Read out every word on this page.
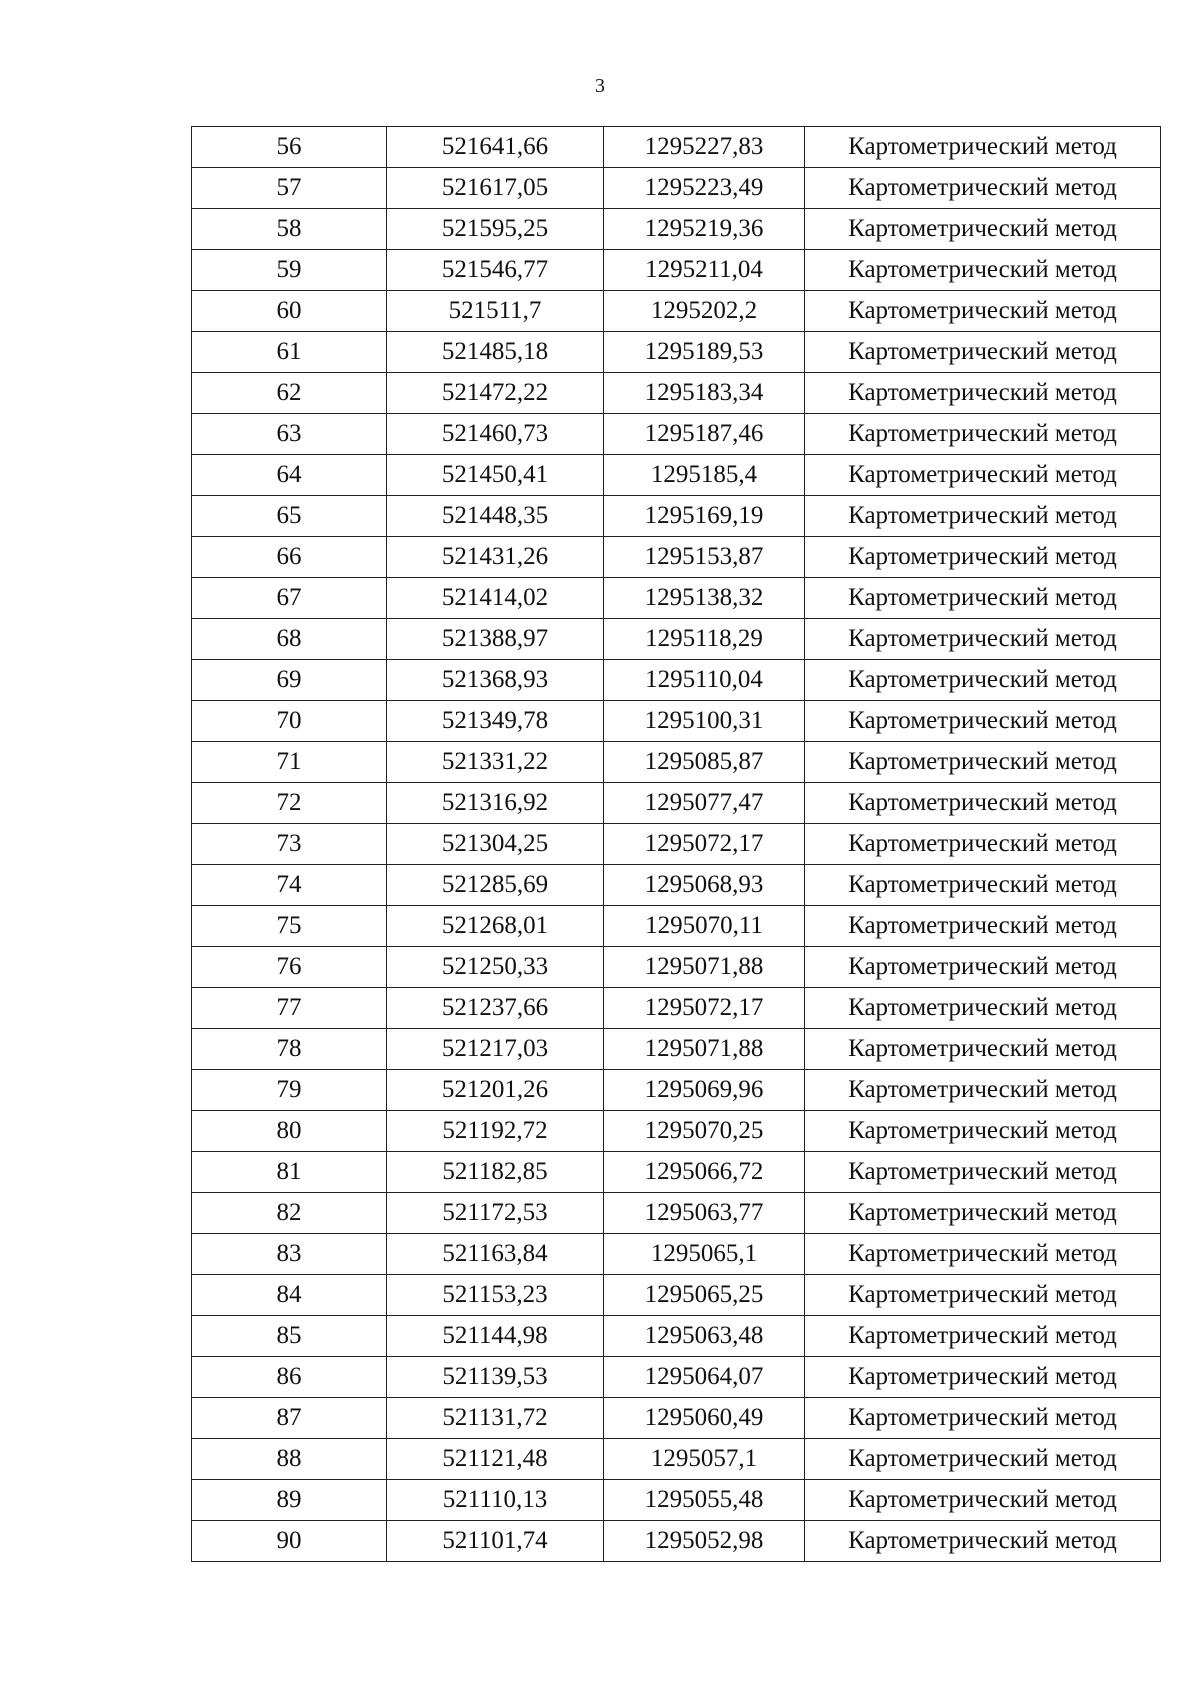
3
56	521641,66	1295227,83	Картометрический метод
57	521617,05	1295223,49	Картометрический метод
58	521595,25	1295219,36	Картометрический метод
59	521546,77	1295211,04	Картометрический метод
60	521511,7	1295202,2	Картометрический метод
61	521485,18	1295189,53	Картометрический метод
62	521472,22	1295183,34	Картометрический метод
63	521460,73	1295187,46	Картометрический метод
64	521450,41	1295185,4	Картометрический метод
65	521448,35	1295169,19	Картометрический метод
66	521431,26	1295153,87	Картометрический метод
67	521414,02	1295138,32	Картометрический метод
68	521388,97	1295118,29	Картометрический метод
69	521368,93	1295110,04	Картометрический метод
70	521349,78	1295100,31	Картометрический метод
71	521331,22	1295085,87	Картометрический метод
72	521316,92	1295077,47	Картометрический метод
73	521304,25	1295072,17	Картометрический метод
74	521285,69	1295068,93	Картометрический метод
75	521268,01	1295070,11	Картометрический метод
76	521250,33	1295071,88	Картометрический метод
77	521237,66	1295072,17	Картометрический метод
78	521217,03	1295071,88	Картометрический метод
79	521201,26	1295069,96	Картометрический метод
80	521192,72	1295070,25	Картометрический метод
81	521182,85	1295066,72	Картометрический метод
82	521172,53	1295063,77	Картометрический метод
83	521163,84	1295065,1	Картометрический метод
84	521153,23	1295065,25	Картометрический метод
85	521144,98	1295063,48	Картометрический метод
86	521139,53	1295064,07	Картометрический метод
87	521131,72	1295060,49	Картометрический метод
88	521121,48	1295057,1	Картометрический метод
89	521110,13	1295055,48	Картометрический метод
90	521101,74	1295052,98	Картометрический метод
